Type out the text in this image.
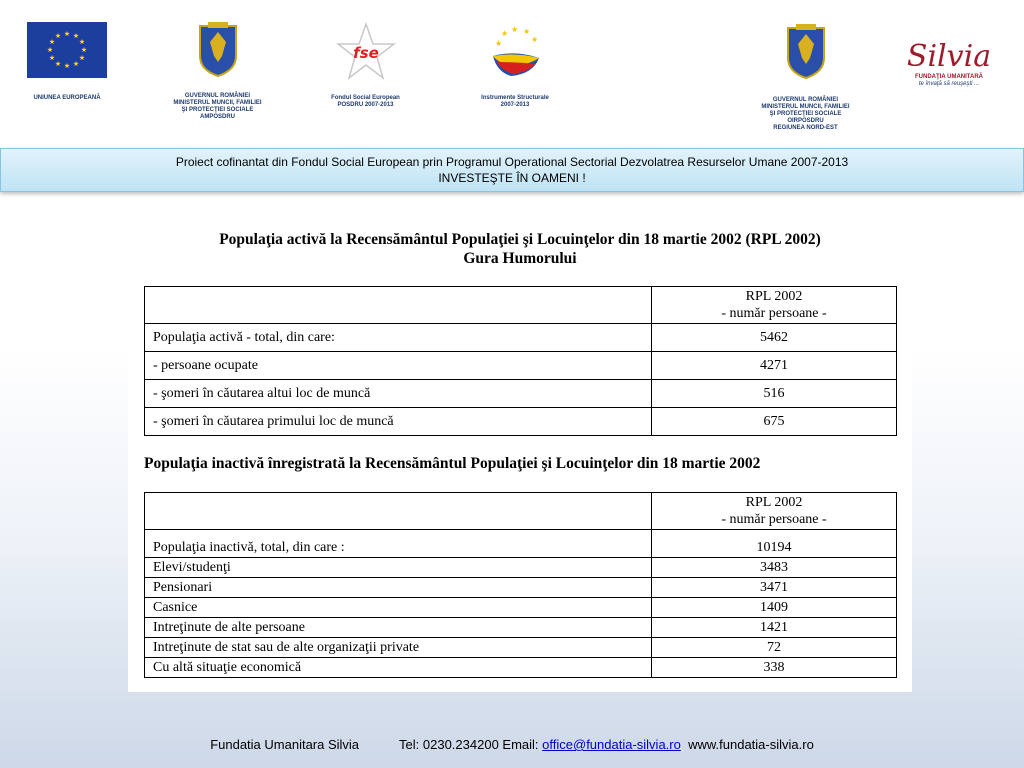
★ ★
★
★
★
★
★
★
★
★
★
★
UNIUNEA EUROPEANĂ	GUVERNUL ROMÂNIEI
MINISTERUL MUNCII, FAMILIEI
ŞI PROTECŢIEI SOCIALE
AMPOSDRU
fse
Fondul Social European
POSDRU 2007-2013
★ ★
★
★
★
Instrumente Structurale
2007-2013
GUVERNUL ROMÂNIEI
MINISTERUL MUNCII, FAMILIEI
ŞI PROTECŢIEI SOCIALE
OIRPOSDRU
REGIUNEA NORD-EST
Silvia
FUNDAŢIA UMANITARĂ
te învaţă să reuşeşti ...
Proiect cofinantat din Fondul Social European prin Programul Operational Sectorial Dezvolatrea Resurselor Umane 2007-2013
INVESTEŞTE ÎN OAMENI !
Populaţia activă la Recensământul Populaţiei şi Locuinţelor din 18 martie 2002 (RPL 2002)
Gura Humorului

	RPL 2002
- număr persoane -

Populaţia activă - total, din care:	5462
- persoane ocupate	4271
- şomeri în căutarea altui loc de muncă	516
- şomeri în căutarea primului loc de muncă	675
Populaţia inactivă înregistrată la Recensământul Populaţiei şi Locuinţelor din 18 martie 2002

	RPL 2002
- număr persoane -

Populaţia inactivă, total, din care :	10194
Elevi/studenţi	3483
Pensionari	3471
Casnice	1409
Intreţinute de alte persoane	1421
Intreţinute de stat sau de alte organizaţii private	72
Cu altă situaţie economică	338
Fundatia Umanitara Silvia	Tel: 0230.234200 Email: office@fundatia-silvia.ro www.fundatia-silvia.ro
